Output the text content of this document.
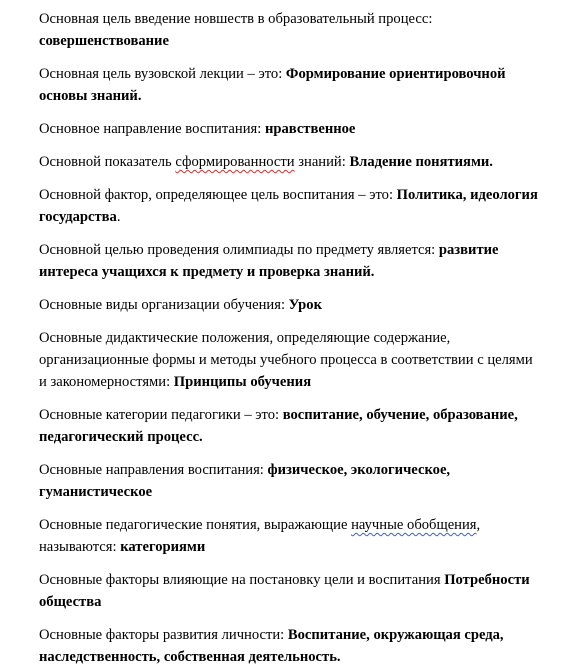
Основная цель введение новшеств в образовательный процесс: совершенствование

Основная цель вузовской лекции – это: Формирование ориентировочной основы знаний.

Основное направление воспитания: нравственное

Основной показатель сформированности знаний: Владение понятиями.

Основной фактор, определяющее цель воспитания – это: Политика, идеология государства.

Основной целью проведения олимпиады по предмету является: развитие интереса учащихся к предмету и проверка знаний.

Основные виды организации обучения: Урок

Основные дидактические положения, определяющие содержание, организационные формы и методы учебного процесса в соответствии с целями и закономерностями: Принципы обучения

Основные категории педагогики – это: воспитание, обучение, образование, педагогический процесс.

Основные направления воспитания: физическое, экологическое, гуманистическое

Основные педагогические понятия, выражающие научные обобщения, называются: категориями

Основные факторы влияющие на постановку цели и воспитания Потребности общества

Основные факторы развития личности: Воспитание, окружающая среда, наследственность, собственная деятельность.
